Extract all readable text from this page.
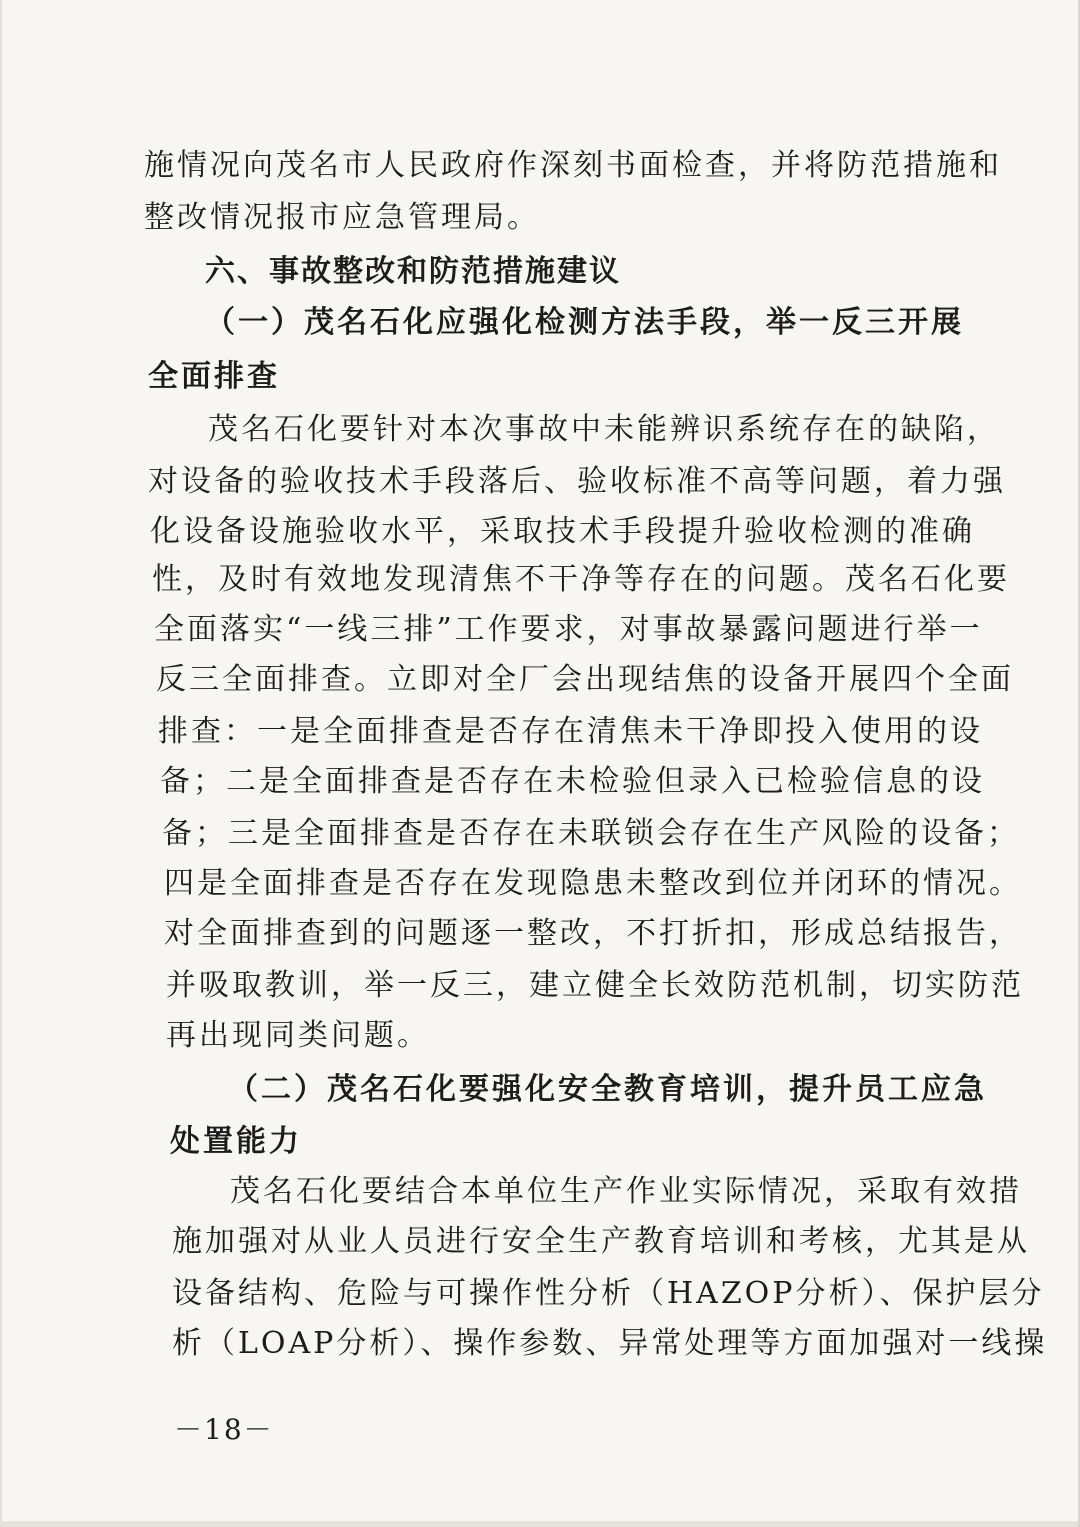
施情况向茂名市人民政府作深刻书面检查，并将防范措施和
整改情况报市应急管理局。
六、事故整改和防范措施建议
（一）茂名石化应强化检测方法手段，举一反三开展
全面排查
茂名石化要针对本次事故中未能辨识系统存在的缺陷，
对设备的验收技术手段落后、验收标准不高等问题，着力强
化设备设施验收水平，采取技术手段提升验收检测的准确
性，及时有效地发现清焦不干净等存在的问题。茂名石化要
全面落实“一线三排”工作要求，对事故暴露问题进行举一
反三全面排查。立即对全厂会出现结焦的设备开展四个全面
排查：一是全面排查是否存在清焦未干净即投入使用的设
备；二是全面排查是否存在未检验但录入已检验信息的设
备；三是全面排查是否存在未联锁会存在生产风险的设备；
四是全面排查是否存在发现隐患未整改到位并闭环的情况。
对全面排查到的问题逐一整改，不打折扣，形成总结报告，
并吸取教训，举一反三，建立健全长效防范机制，切实防范
再出现同类问题。
（二）茂名石化要强化安全教育培训，提升员工应急
处置能力
茂名石化要结合本单位生产作业实际情况，采取有效措
施加强对从业人员进行安全生产教育培训和考核，尤其是从
设备结构、危险与可操作性分析（HAZOP分析）、保护层分
析（LOAP分析）、操作参数、异常处理等方面加强对一线操
－18－
